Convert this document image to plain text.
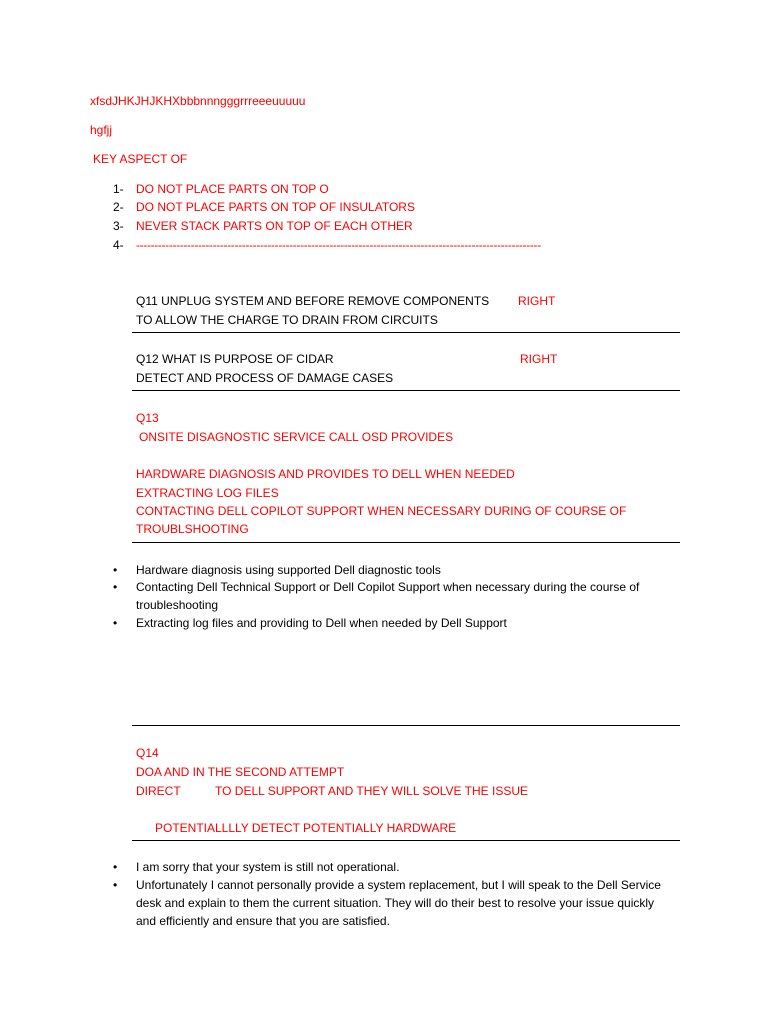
xfsdJHKJHJKHXbbbnnngggrrreeeuuuuu
hgfjj
KEY ASPECT OF
1- DO NOT PLACE PARTS ON TOP O
2- DO NOT PLACE PARTS ON TOP OF INSULATORS
3- NEVER STACK PARTS ON TOP OF EACH OTHER
4- ---------------------------------------------------------------------------------------------------------------
Q11 UNPLUG SYSTEM AND BEFORE REMOVE COMPONENTS RIGHT
TO ALLOW THE CHARGE TO DRAIN FROM CIRCUITS
Q12 WHAT IS PURPOSE OF CIDAR	RIGHT
DETECT AND PROCESS OF DAMAGE CASES
Q13
ONSITE DISAGNOSTIC SERVICE CALL OSD PROVIDES
HARDWARE DIAGNOSIS AND PROVIDES TO DELL WHEN NEEDED
EXTRACTING LOG FILES
CONTACTING DELL COPILOT SUPPORT WHEN NECESSARY DURING OF COURSE OF
TROUBLSHOOTING
• Hardware diagnosis using supported Dell diagnostic tools
• Contacting Dell Technical Support or Dell Copilot Support when necessary during the course of troubleshooting
• Extracting log files and providing to Dell when needed by Dell Support
Q14
DOA AND IN THE SECOND ATTEMPT
DIRECT	TO DELL SUPPORT AND THEY WILL SOLVE THE ISSUE
POTENTIALLLLY DETECT POTENTIALLY HARDWARE
• I am sorry that your system is still not operational.
• Unfortunately I cannot personally provide a system replacement, but I will speak to the Dell Service desk and explain to them the current situation. They will do their best to resolve your issue quickly and efficiently and ensure that you are satisfied.
